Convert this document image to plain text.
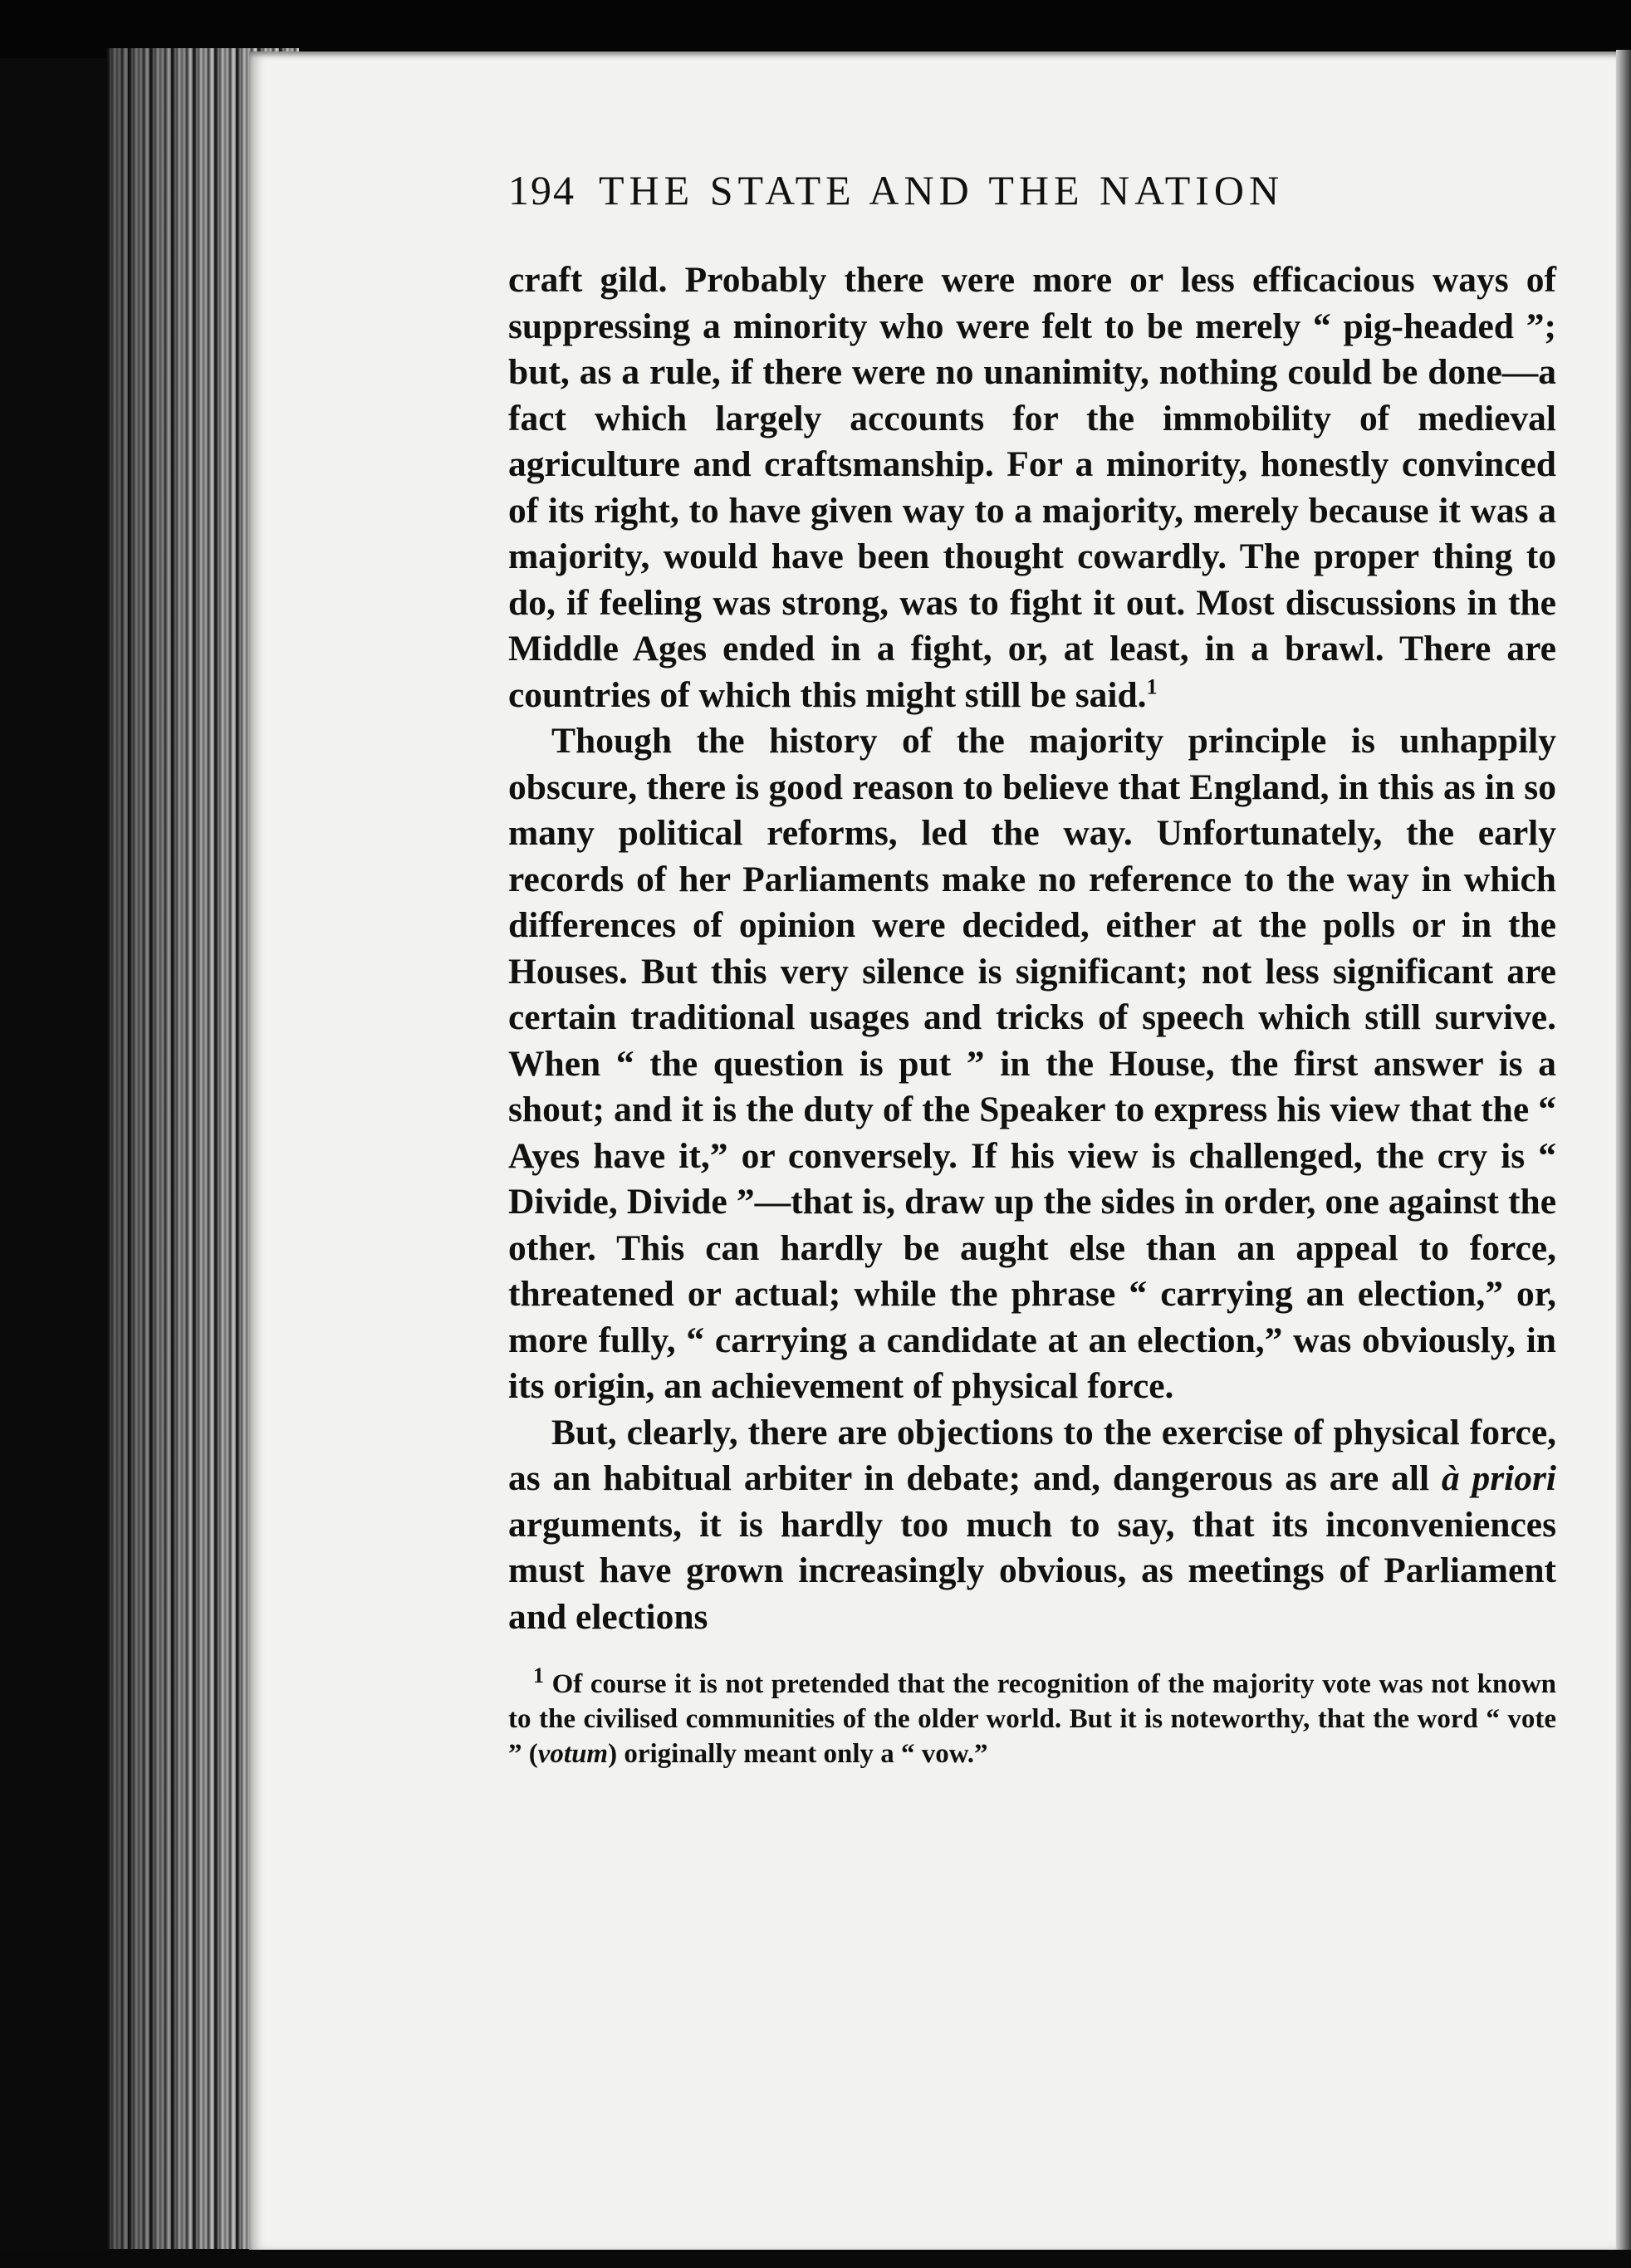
194 THE STATE AND THE NATION

craft gild. Probably there were more or less efficacious ways of suppressing a minority who were felt to be merely “ pig-headed ”; but, as a rule, if there were no unanimity, nothing could be done—a fact which largely accounts for the immobility of medieval agriculture and craftsmanship. For a minority, honestly convinced of its right, to have given way to a majority, merely because it was a majority, would have been thought cowardly. The proper thing to do, if feeling was strong, was to fight it out. Most discussions in the Middle Ages ended in a fight, or, at least, in a brawl. There are countries of which this might still be said.$^1$

Though the history of the majority principle is unhappily obscure, there is good reason to believe that England, in this as in so many political reforms, led the way. Unfortunately, the early records of her Parliaments make no reference to the way in which differences of opinion were decided, either at the polls or in the Houses. But this very silence is significant; not less significant are certain traditional usages and tricks of speech which still survive. When “ the question is put ” in the House, the first answer is a shout; and it is the duty of the Speaker to express his view that the “ Ayes have it,” or conversely. If his view is challenged, the cry is “ Divide, Divide ”—that is, draw up the sides in order, one against the other. This can hardly be aught else than an appeal to force, threatened or actual; while the phrase “ carrying an election,” or, more fully, “ carrying a candidate at an election,” was obviously, in its origin, an achievement of physical force.

But, clearly, there are objections to the exercise of physical force, as an habitual arbiter in debate; and, dangerous as are all à priori arguments, it is hardly too much to say, that its inconveniences must have grown increasingly obvious, as meetings of Parliament and elections

$^1$ Of course it is not pretended that the recognition of the majority vote was not known to the civilised communities of the older world. But it is noteworthy, that the word “ vote ” (votum) originally meant only a “ vow.”
